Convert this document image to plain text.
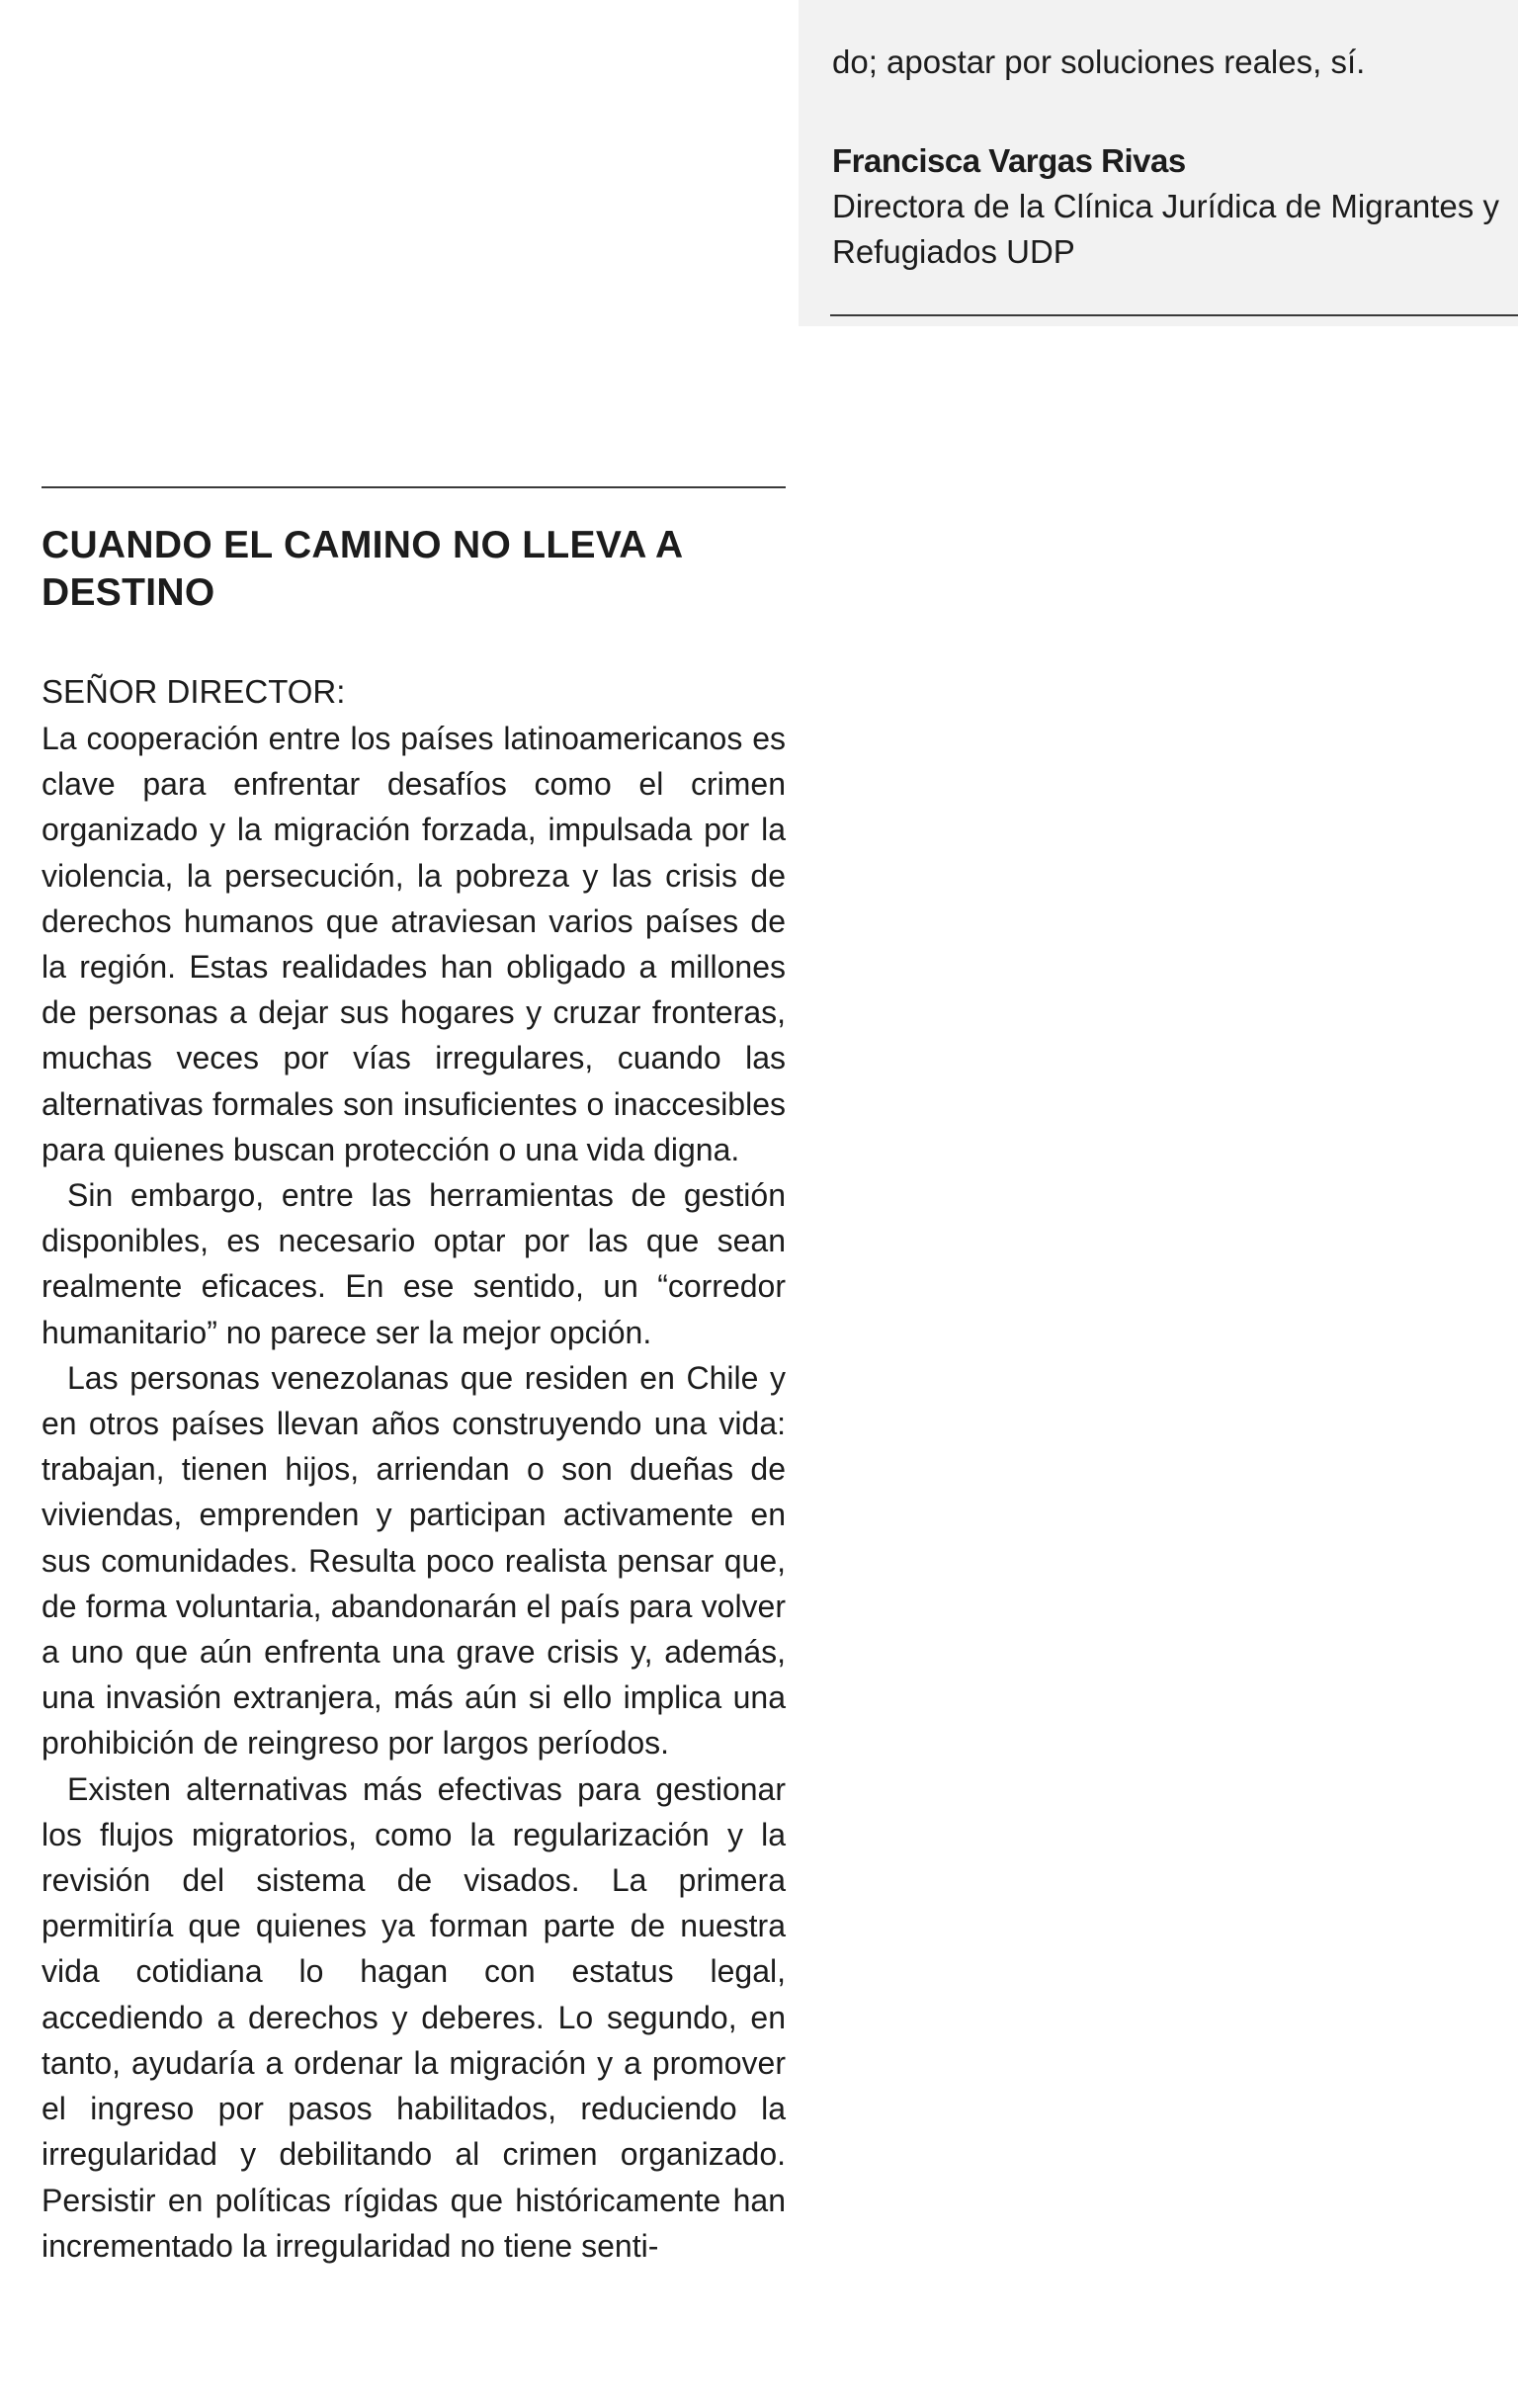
do; apostar por soluciones reales, sí.

Francisca Vargas Rivas

Directora de la Clínica Jurídica de Migrantes y Refugiados UDP

CUANDO EL CAMINO NO LLEVA A DESTINO

SEÑOR DIRECTOR:

La cooperación entre los países latinoamericanos es clave para enfrentar desafíos como el crimen organizado y la migración forzada, impulsada por la violencia, la persecución, la pobreza y las crisis de derechos humanos que atraviesan varios países de la región. Estas realidades han obligado a millones de personas a dejar sus hogares y cruzar fronteras, muchas veces por vías irregulares, cuando las alternativas formales son insuficientes o inaccesibles para quienes buscan protección o una vida digna.

Sin embargo, entre las herramientas de gestión disponibles, es necesario optar por las que sean realmente eficaces. En ese sentido, un “corredor humanitario” no parece ser la mejor opción.

Las personas venezolanas que residen en Chile y en otros países llevan años construyendo una vida: trabajan, tienen hijos, arriendan o son dueñas de viviendas, emprenden y participan activamente en sus comunidades. Resulta poco realista pensar que, de forma voluntaria, abandonarán el país para volver a uno que aún enfrenta una grave crisis y, además, una invasión extranjera, más aún si ello implica una prohibición de reingreso por largos períodos.

Existen alternativas más efectivas para gestionar los flujos migratorios, como la regularización y la revisión del sistema de visados. La primera permitiría que quienes ya forman parte de nuestra vida cotidiana lo hagan con estatus legal, accediendo a derechos y deberes. Lo segundo, en tanto, ayudaría a ordenar la migración y a promover el ingreso por pasos habilitados, reduciendo la irregularidad y debilitando al crimen organizado. Persistir en políticas rígidas que históricamente han incrementado la irregularidad no tiene senti-
